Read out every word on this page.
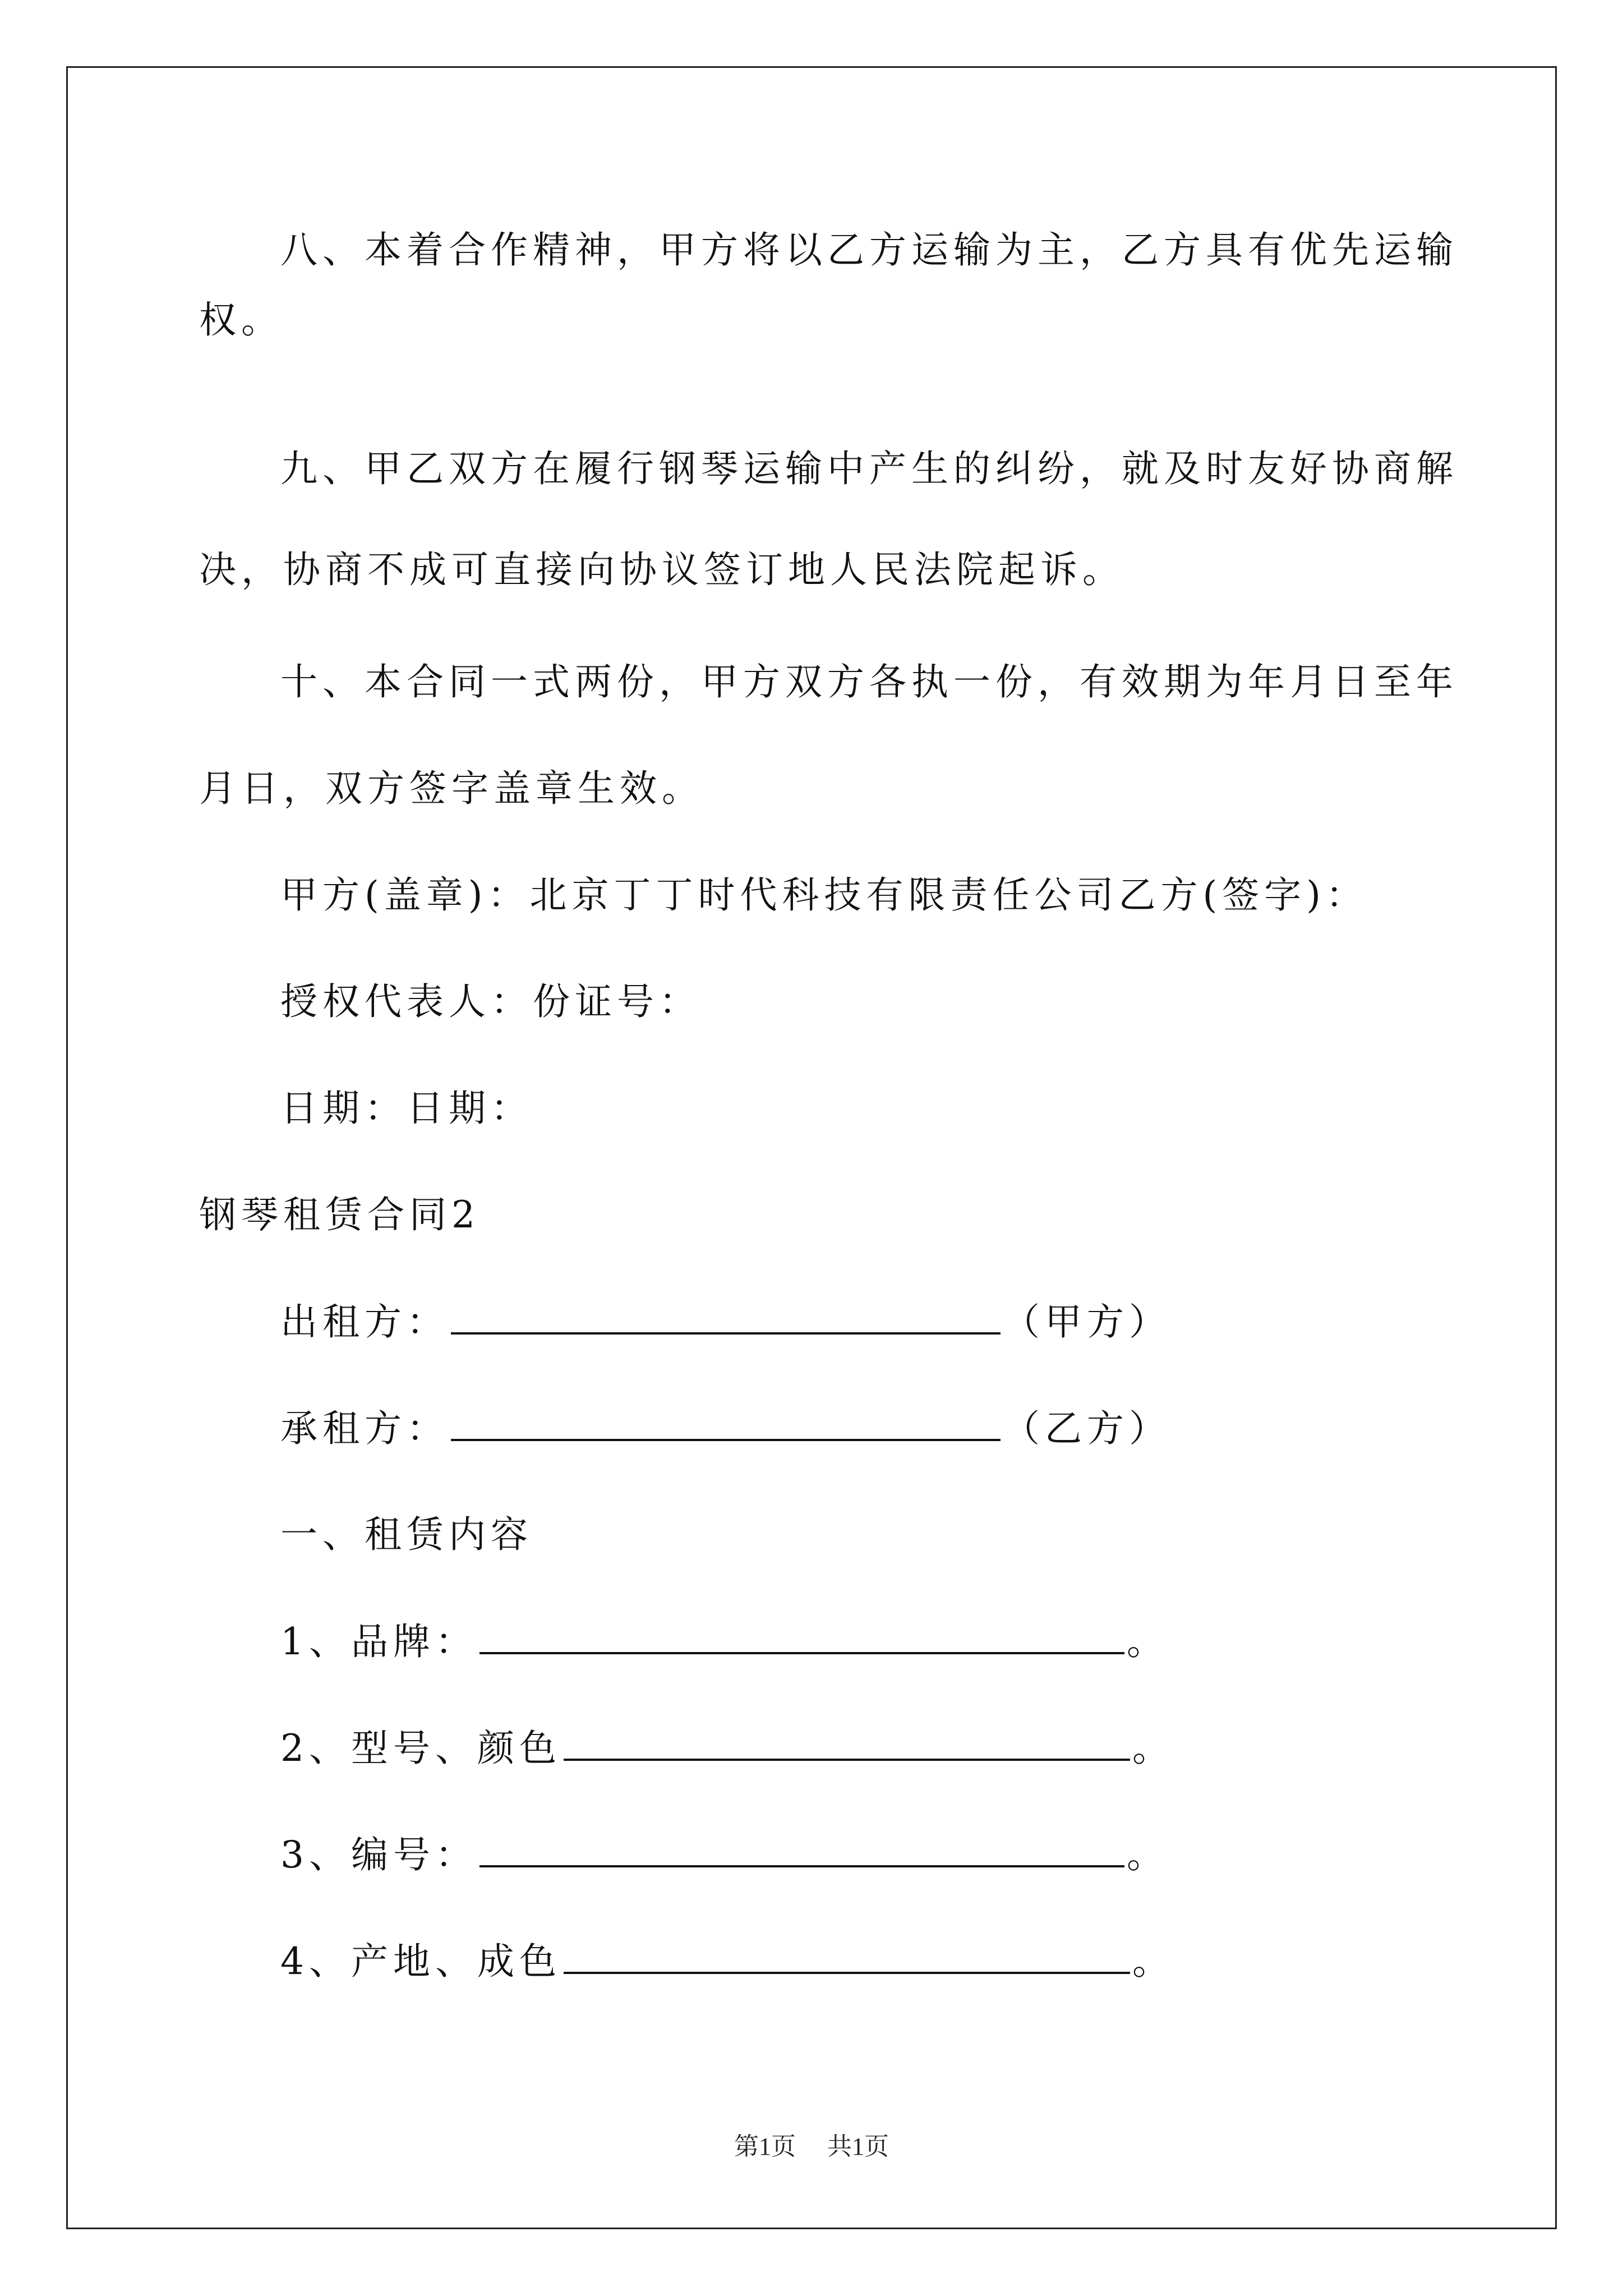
八、本着合作精神，甲方将以乙方运输为主，乙方具有优先运输
权。
九、甲乙双方在履行钢琴运输中产生的纠纷，就及时友好协商解
决，协商不成可直接向协议签订地人民法院起诉。
十、本合同一式两份，甲方双方各执一份，有效期为年月日至年
月日，双方签字盖章生效。
甲方(盖章)：北京丁丁时代科技有限责任公司乙方(签字)：
授权代表人：份证号：
日期：日期：
钢琴租赁合同2
出租方：	（甲方）
承租方：	（乙方）
一、租赁内容
1、品牌：	。
2、型号、颜色	。
3、编号：	。
4、产地、成色	。
第1页 共1页
